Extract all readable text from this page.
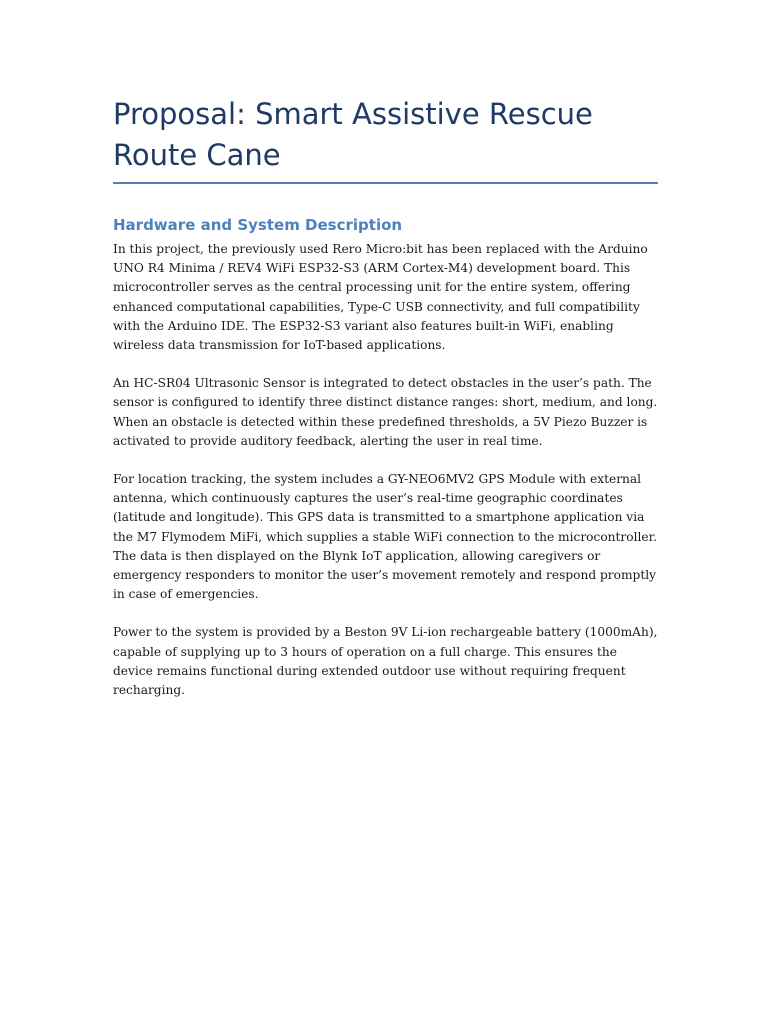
Proposal: Smart Assistive Rescue Route Cane
Hardware and System Description

In this project, the previously used Rero Micro:bit has been replaced with the Arduino UNO R4 Minima / REV4 WiFi ESP32-S3 (ARM Cortex-M4) development board. This microcontroller serves as the central processing unit for the entire system, offering enhanced computational capabilities, Type-C USB connectivity, and full compatibility with the Arduino IDE. The ESP32-S3 variant also features built-in WiFi, enabling wireless data transmission for IoT-based applications.

An HC-SR04 Ultrasonic Sensor is integrated to detect obstacles in the user’s path. The sensor is configured to identify three distinct distance ranges: short, medium, and long. When an obstacle is detected within these predefined thresholds, a 5V Piezo Buzzer is activated to provide auditory feedback, alerting the user in real time.

For location tracking, the system includes a GY-NEO6MV2 GPS Module with external antenna, which continuously captures the user’s real-time geographic coordinates (latitude and longitude). This GPS data is transmitted to a smartphone application via the M7 Flymodem MiFi, which supplies a stable WiFi connection to the microcontroller. The data is then displayed on the Blynk IoT application, allowing caregivers or emergency responders to monitor the user’s movement remotely and respond promptly in case of emergencies.

Power to the system is provided by a Beston 9V Li-ion rechargeable battery (1000mAh), capable of supplying up to 3 hours of operation on a full charge. This ensures the device remains functional during extended outdoor use without requiring frequent recharging.
